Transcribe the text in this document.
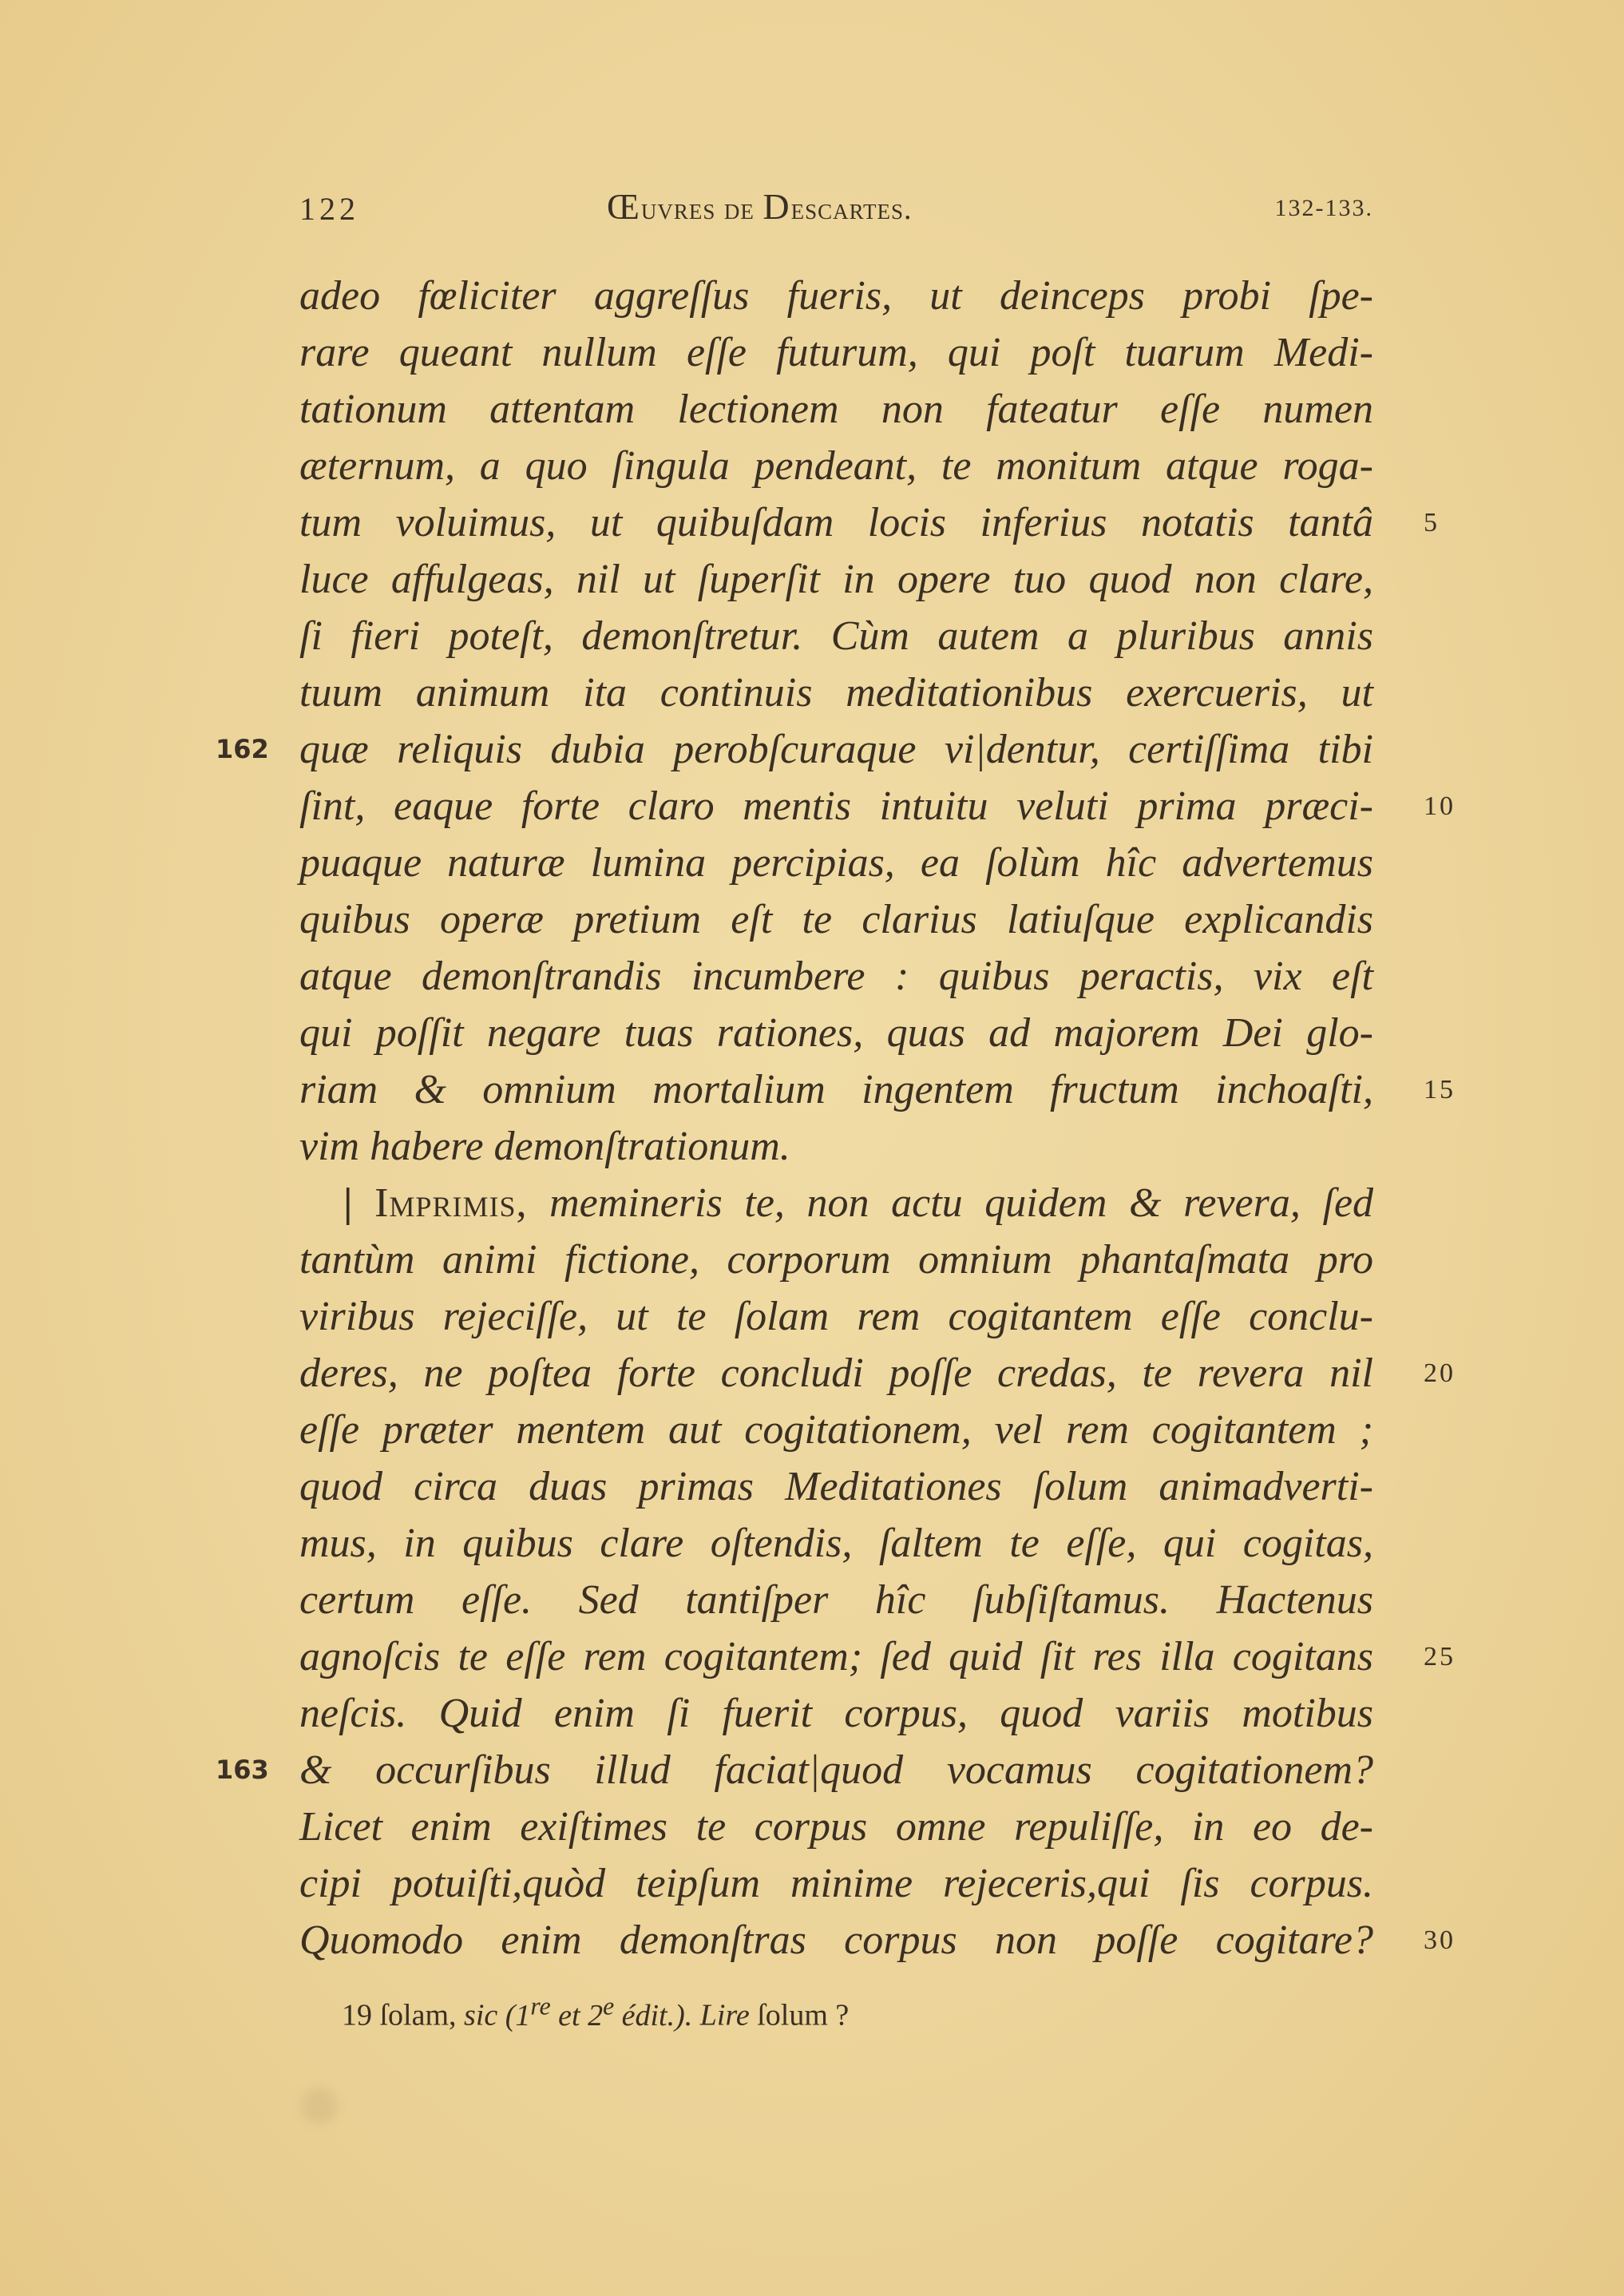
122	Œuvres de Descartes.	132-133.
adeo fœliciter aggreſſus fueris, ut deinceps probi ſpe-
rare queant nullum eſſe futurum, qui poſt tuarum Medi-
tationum attentam lectionem non fateatur eſſe numen
æternum, a quo ſingula pendeant, te monitum atque roga-
tum voluimus, ut quibuſdam locis inferius notatis tantâ 5
luce affulgeas, nil ut ſuperſit in opere tuo quod non clare,
ſi fieri poteſt, demonſtretur. Cùm autem a pluribus annis
tuum animum ita continuis meditationibus exercueris, ut
162 quæ reliquis dubia perobſcuraque vi|dentur, certiſſima tibi
ſint, eaque forte claro mentis intuitu veluti prima præci- 10
puaque naturæ lumina percipias, ea ſolùm hîc advertemus
quibus operæ pretium eſt te clarius latiuſque explicandis
atque demonſtrandis incumbere : quibus peractis, vix eſt
qui poſſit negare tuas rationes, quas ad majorem Dei glo-
riam & omnium mortalium ingentem fructum inchoaſti, 15
vim habere demonſtrationum.
| Imprimis, memineris te, non actu quidem & revera, ſed
tantùm animi fictione, corporum omnium phantaſmata pro
viribus rejeciſſe, ut te ſolam rem cogitantem eſſe conclu-
deres, ne poſtea forte concludi poſſe credas, te revera nil 20
eſſe præter mentem aut cogitationem, vel rem cogitantem ;
quod circa duas primas Meditationes ſolum animadverti-
mus, in quibus clare oſtendis, ſaltem te eſſe, qui cogitas,
certum eſſe. Sed tantiſper hîc ſubſiſtamus. Hactenus
agnoſcis te eſſe rem cogitantem; ſed quid ſit res illa cogitans 25
neſcis. Quid enim ſi fuerit corpus, quod variis motibus
163 & occurſibus illud faciat|quod vocamus cogitationem?
Licet enim exiſtimes te corpus omne repuliſſe, in eo de-
cipi potuiſti,quòd teipſum minime rejeceris,qui ſis corpus.
Quomodo enim demonſtras corpus non poſſe cogitare? 30
19 ſolam, sic (1re et 2e édit.). Lire ſolum ?
